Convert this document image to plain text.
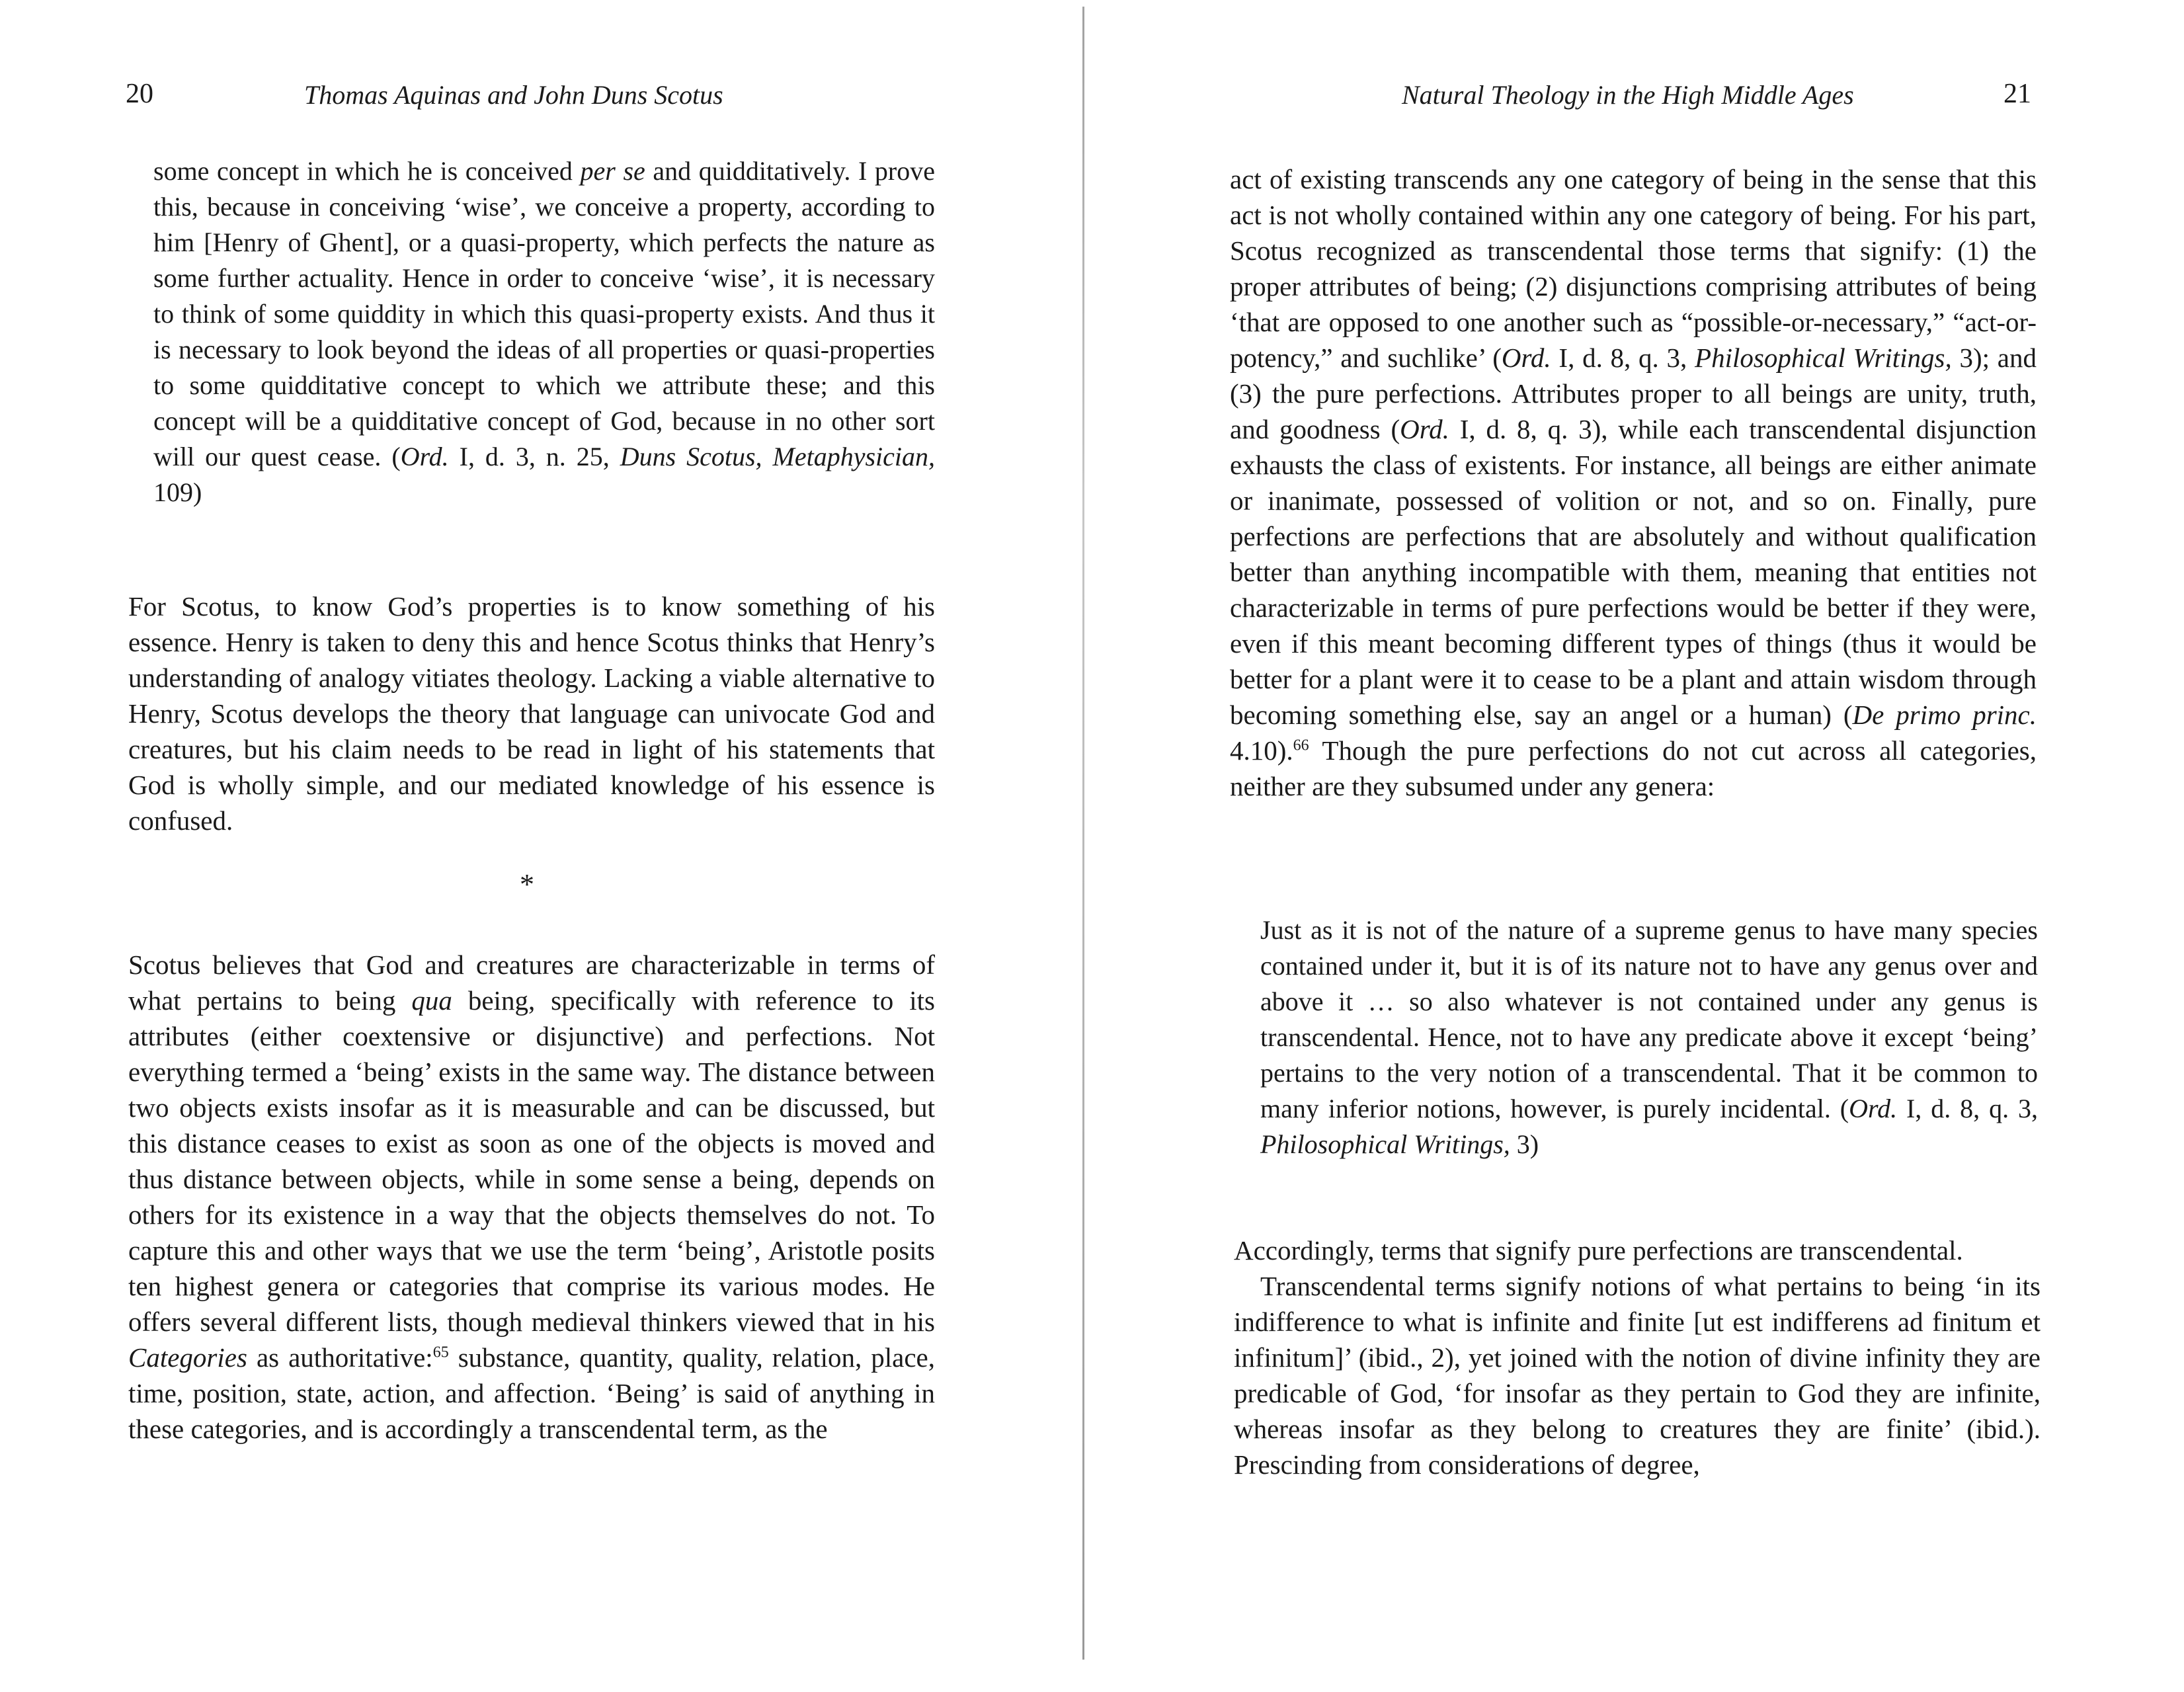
20	Thomas Aquinas and John Duns Scotus

some concept in which he is conceived per se and quidditatively. I prove this, because in conceiving ‘wise’, we conceive a property, according to him [Henry of Ghent], or a quasi-property, which perfects the nature as some further actuality. Hence in order to conceive ‘wise’, it is necessary to think of some quiddity in which this quasi-property exists. And thus it is necessary to look beyond the ideas of all properties or quasi-properties to some quidditative concept to which we attribute these; and this concept will be a quidditative concept of God, because in no other sort will our quest cease. (Ord. I, d. 3, n. 25, Duns Scotus, Metaphysician, 109)

For Scotus, to know God’s properties is to know something of his essence. Henry is taken to deny this and hence Scotus thinks that Henry’s understanding of analogy vitiates theology. Lacking a viable alternative to Henry, Scotus develops the theory that language can univocate God and creatures, but his claim needs to be read in light of his statements that God is wholly simple, and our mediated knowledge of his essence is confused.

*

Scotus believes that God and creatures are characterizable in terms of what pertains to being qua being, specifically with reference to its attributes (either coextensive or disjunctive) and perfections. Not everything termed a ‘being’ exists in the same way. The distance between two objects exists insofar as it is measurable and can be discussed, but this distance ceases to exist as soon as one of the objects is moved and thus distance between objects, while in some sense a being, depends on others for its existence in a way that the objects themselves do not. To capture this and other ways that we use the term ‘being’, Aristotle posits ten highest genera or categories that comprise its various modes. He offers several different lists, though medieval thinkers viewed that in his Categories as authoritative:$^{65}$ substance, quantity, quality, relation, place, time, position, state, action, and affection. ‘Being’ is said of anything in these categories, and is accordingly a transcendental term, as the

Natural Theology in the High Middle Ages	21

act of existing transcends any one category of being in the sense that this act is not wholly contained within any one category of being. For his part, Scotus recognized as transcendental those terms that signify: (1) the proper attributes of being; (2) disjunctions comprising attributes of being ‘that are opposed to one another such as “possible-or-necessary,” “act-or-potency,” and suchlike’ (Ord. I, d. 8, q. 3, Philosophical Writings, 3); and (3) the pure perfections. Attributes proper to all beings are unity, truth, and goodness (Ord. I, d. 8, q. 3), while each transcendental disjunction exhausts the class of existents. For instance, all beings are either animate or inanimate, possessed of volition or not, and so on. Finally, pure perfections are perfections that are absolutely and without qualification better than anything incompatible with them, meaning that entities not characterizable in terms of pure perfections would be better if they were, even if this meant becoming different types of things (thus it would be better for a plant were it to cease to be a plant and attain wisdom through becoming something else, say an angel or a human) (De primo princ. 4.10).$^{66}$ Though the pure perfections do not cut across all categories, neither are they subsumed under any genera:

Just as it is not of the nature of a supreme genus to have many species contained under it, but it is of its nature not to have any genus over and above it … so also whatever is not contained under any genus is transcendental. Hence, not to have any predicate above it except ‘being’ pertains to the very notion of a transcendental. That it be common to many inferior notions, however, is purely incidental. (Ord. I, d. 8, q. 3, Philosophical Writings, 3)

Accordingly, terms that signify pure perfections are transcendental.

Transcendental terms signify notions of what pertains to being ‘in its indifference to what is infinite and finite [ut est indifferens ad finitum et infinitum]’ (ibid., 2), yet joined with the notion of divine infinity they are predicable of God, ‘for insofar as they pertain to God they are infinite, whereas insofar as they belong to creatures they are finite’ (ibid.). Prescinding from considerations of degree,
